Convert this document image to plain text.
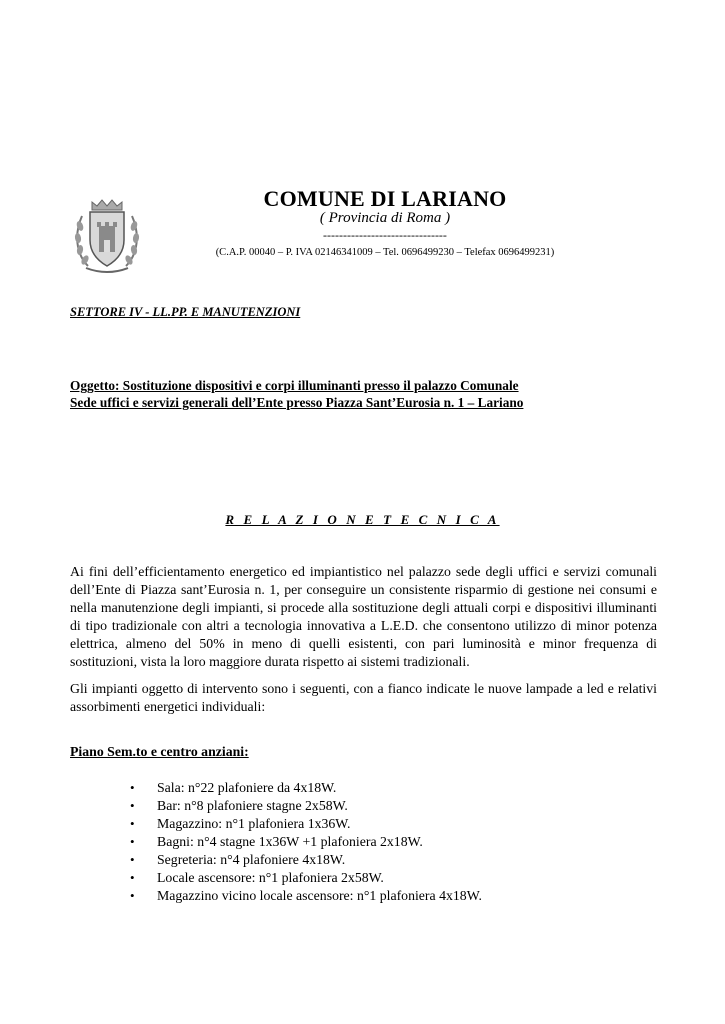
COMUNE DI LARIANO
( Provincia di Roma )
-------------------------------
(C.A.P. 00040 – P. IVA 02146341009 – Tel. 0696499230 – Telefax 0696499231)
SETTORE IV - LL.PP. E MANUTENZIONI
Oggetto: Sostituzione dispositivi e corpi illuminanti presso il palazzo Comunale
Sede uffici e servizi generali dell’Ente presso Piazza Sant’Eurosia n. 1 – Lariano
R E L A Z I O N E T E C N I C A
Ai fini dell’efficientamento energetico ed impiantistico nel palazzo sede degli uffici e servizi comunali dell’Ente di Piazza sant’Eurosia n. 1, per conseguire un consistente risparmio di gestione nei consumi e nella manutenzione degli impianti, si procede alla sostituzione degli attuali corpi e dispositivi illuminanti di tipo tradizionale con altri a tecnologia innovativa a L.E.D. che consentono utilizzo di minor potenza elettrica, almeno del 50% in meno di quelli esistenti, con pari luminosità e minor frequenza di sostituzioni, vista la loro maggiore durata rispetto ai sistemi tradizionali.
Gli impianti oggetto di intervento sono i seguenti, con a fianco indicate le nuove lampade a led e relativi assorbimenti energetici individuali:
Piano Sem.to e centro anziani:
•	Sala: n°22 plafoniere da 4x18W.
•	Bar: n°8 plafoniere stagne 2x58W.
•	Magazzino: n°1 plafoniera 1x36W.
•	Bagni: n°4 stagne 1x36W +1 plafoniera 2x18W.
•	Segreteria: n°4 plafoniere 4x18W.
•	Locale ascensore: n°1 plafoniera 2x58W.
•	Magazzino vicino locale ascensore: n°1 plafoniera 4x18W.
